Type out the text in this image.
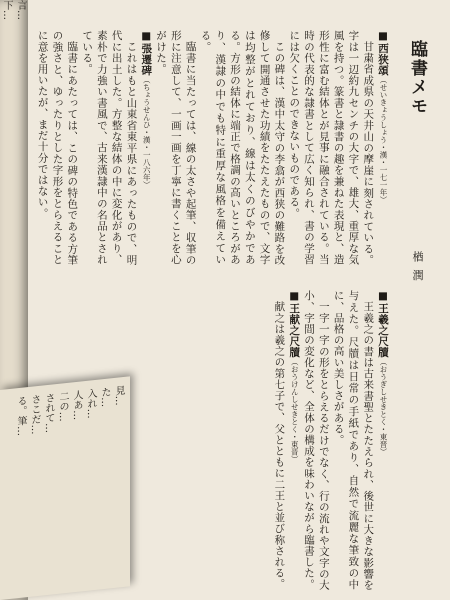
言…
下…
臨書メモ 楢 潤
■西狭頌（せいきょうしょう・漢・一七一年）
甘粛省成県の天井山の摩崖に刻されている。字は一辺約九センチの大字で、雄大、重厚な気風を持つ。篆書と隷書の趣を兼ねた表現と、造形性に富む結体とが見事に融合されている。当時の代表的な隷書として広く知られ、書の学習には欠くことのできないものである。
この碑は、漢中太守の李翕が西狭の難路を改修して開通させた功績をたたえたもので、文字は均整がとれており、線は太くのびやかである。方形の結体に端正で格調の高いところがあり、漢隷の中でも特に重厚な風格を備えている。
臨書に当たっては、線の太さや起筆、収筆の形に注意して、一画一画を丁寧に書くことを心がけた。
■張遷碑（ちょうせんひ・漢・一八六年）
これはもと山東省東平県にあったもので、明代に出土した。方整な結体の中に変化があり、素朴で力強い書風で、古来漢隷中の名品とされている。
臨書にあたっては、この碑の特色である方筆の強さと、ゆったりとした字形をとらえることに意を用いたが、まだ十分ではない。
■王羲之尺牘（おうぎしせきとく・東晋）
王羲之の書は古来書聖とたたえられ、後世に大きな影響を与えた。尺牘は日常の手紙であり、自然で流麗な筆致の中に、品格の高い美しさがある。
一字一字の形をとらえるだけでなく、行の流れや文字の大小、字間の変化など、全体の構成を味わいながら臨書した。
■王献之尺牘（おうけんしせきとく・東晋）
献之は羲之の第七子で、父とともに二王と並び称される。
見…
た…
入れ…
人あ…
二の…
されて…
さこだ…
る。筆…
